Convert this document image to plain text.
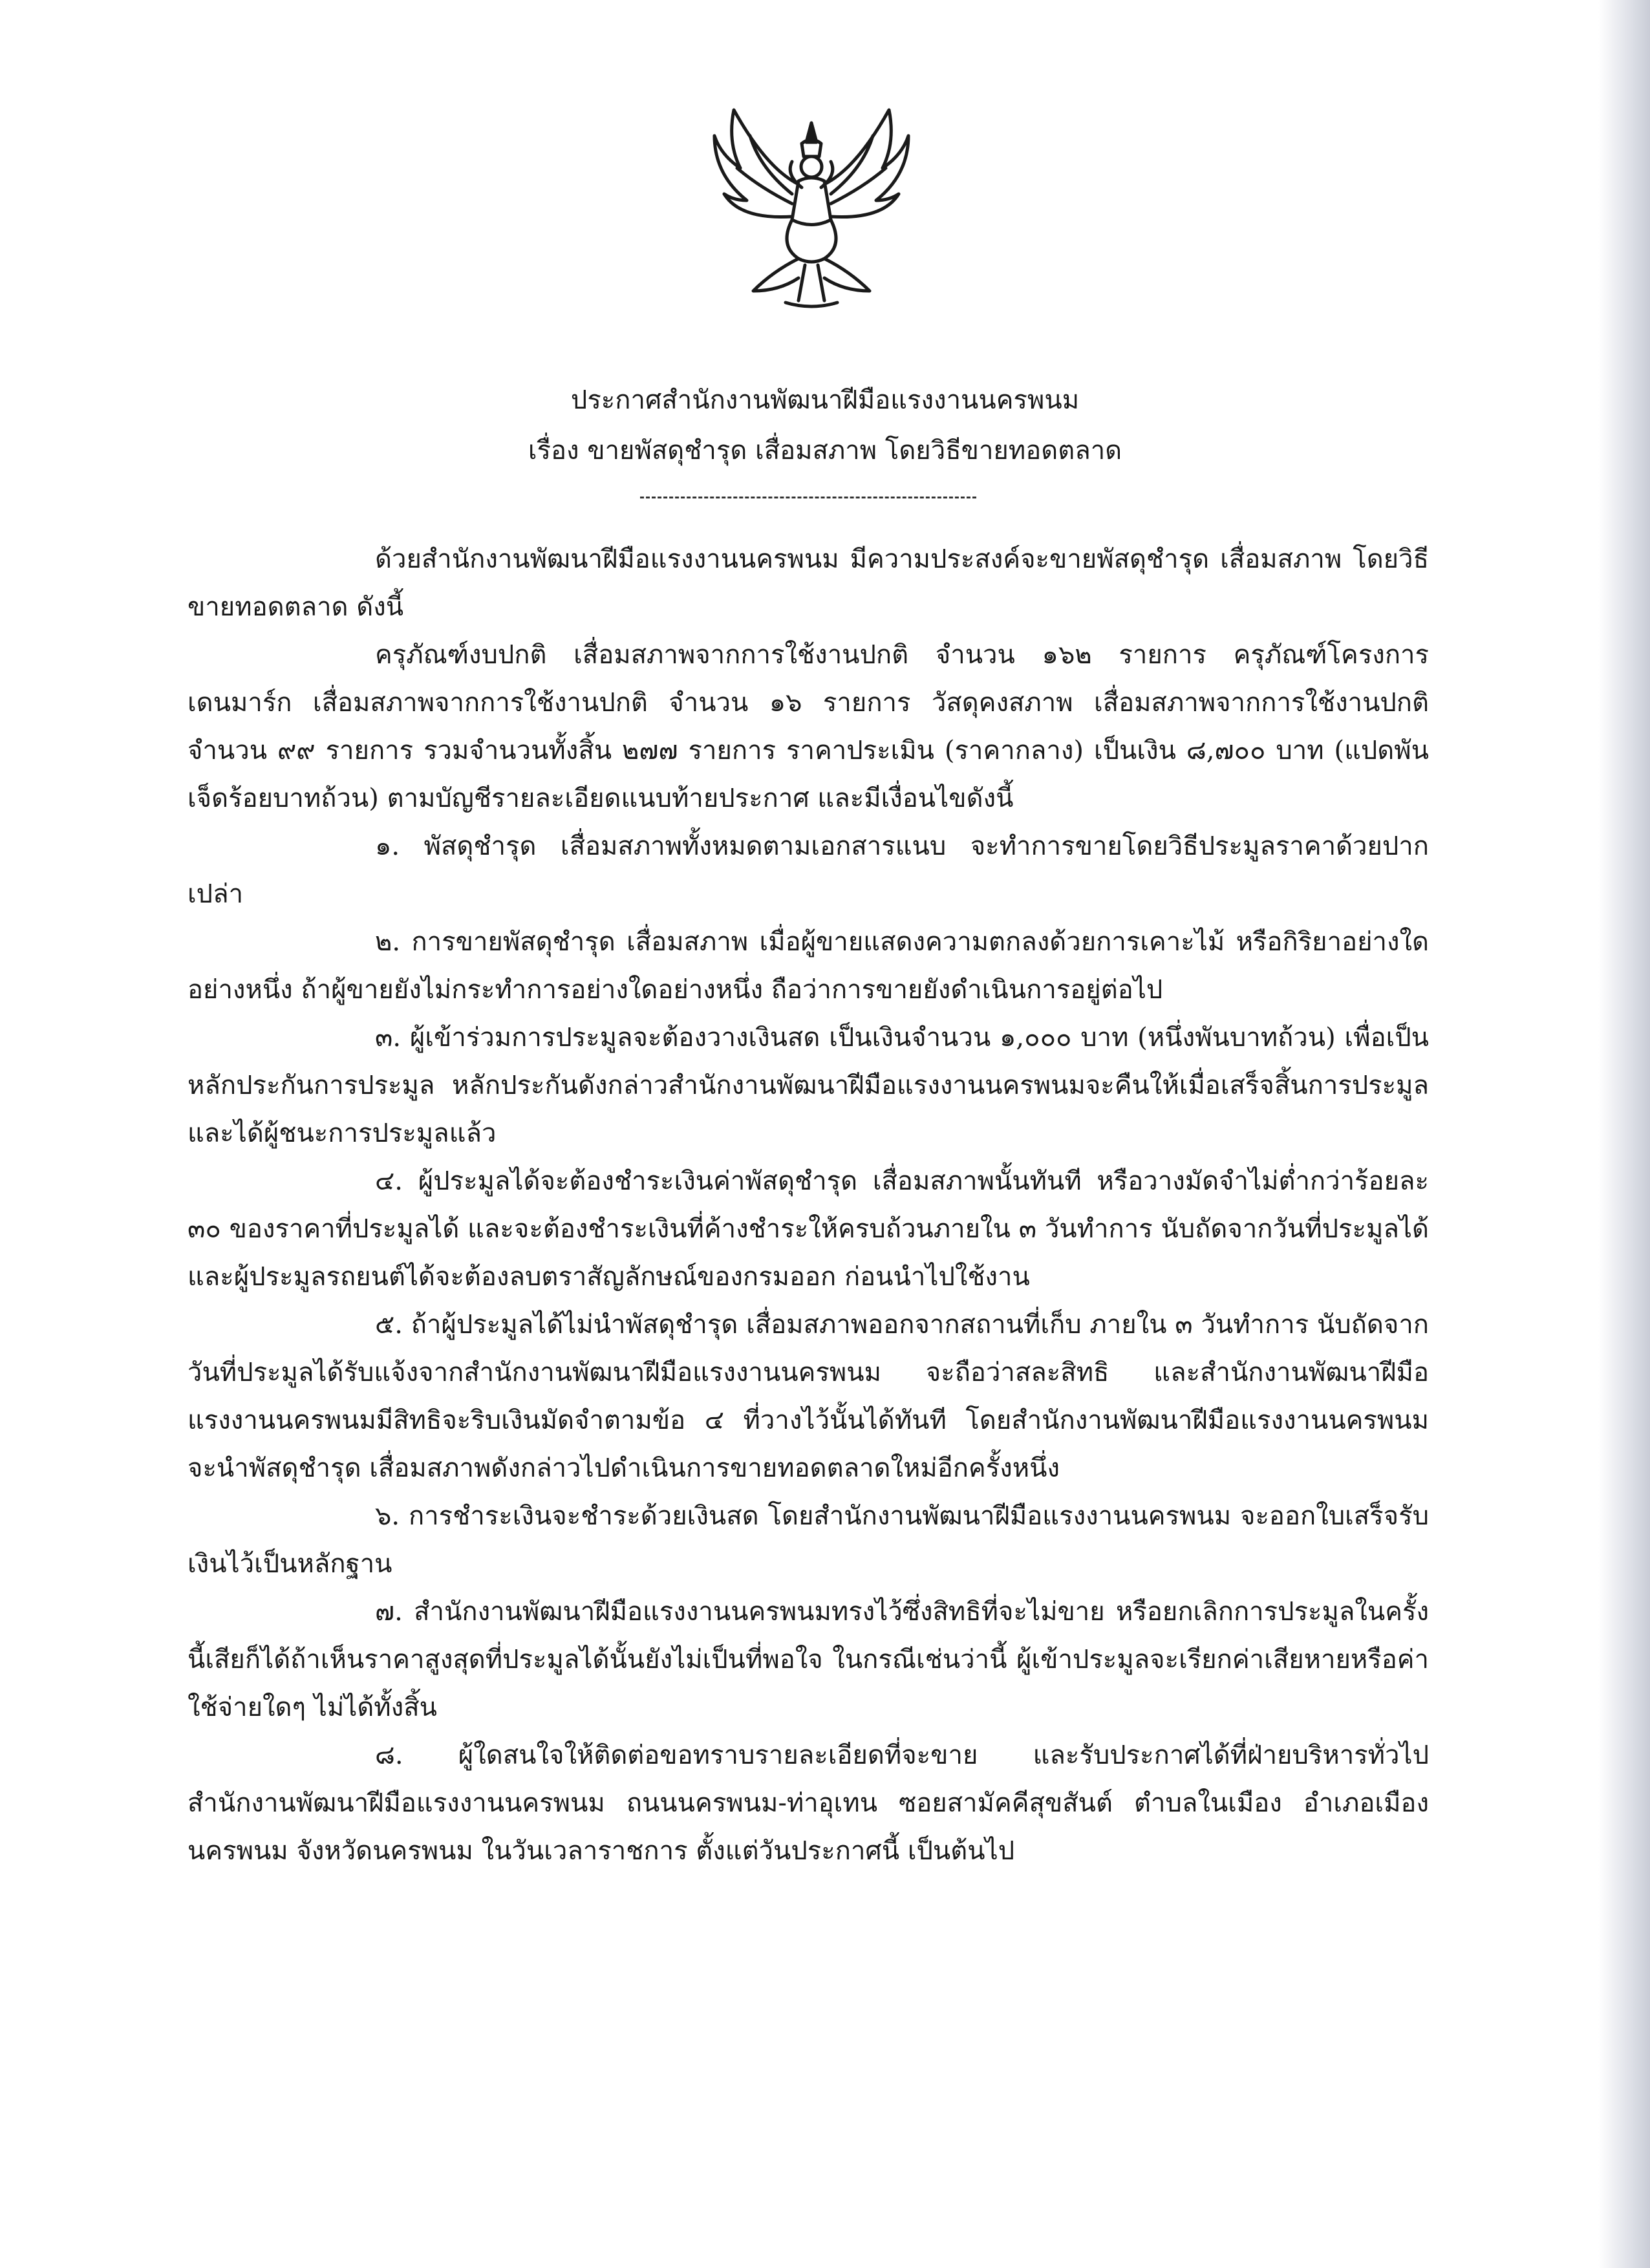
ประกาศสำนักงานพัฒนาฝีมือแรงงานนครพนม
เรื่อง ขายพัสดุชำรุด เสื่อมสภาพ โดยวิธีขายทอดตลาด

ด้วยสำนักงานพัฒนาฝีมือแรงงานนครพนม มีความประสงค์จะขายพัสดุชำรุด เสื่อมสภาพ โดยวิธีขายทอดตลาด ดังนี้

ครุภัณฑ์งบปกติ เสื่อมสภาพจากการใช้งานปกติ จำนวน ๑๖๒ รายการ ครุภัณฑ์โครงการเดนมาร์ก เสื่อมสภาพจากการใช้งานปกติ จำนวน ๑๖ รายการ วัสดุคงสภาพ เสื่อมสภาพจากการใช้งานปกติ จำนวน ๙๙ รายการ รวมจำนวนทั้งสิ้น ๒๗๗ รายการ ราคาประเมิน (ราคากลาง) เป็นเงิน ๘,๗๐๐ บาท (แปดพันเจ็ดร้อยบาทถ้วน) ตามบัญชีรายละเอียดแนบท้ายประกาศ และมีเงื่อนไขดังนี้

๑. พัสดุชำรุด เสื่อมสภาพทั้งหมดตามเอกสารแนบ จะทำการขายโดยวิธีประมูลราคาด้วยปากเปล่า

๒. การขายพัสดุชำรุด เสื่อมสภาพ เมื่อผู้ขายแสดงความตกลงด้วยการเคาะไม้ หรือกิริยาอย่างใดอย่างหนึ่ง ถ้าผู้ขายยังไม่กระทำการอย่างใดอย่างหนึ่ง ถือว่าการขายยังดำเนินการอยู่ต่อไป

๓. ผู้เข้าร่วมการประมูลจะต้องวางเงินสด เป็นเงินจำนวน ๑,๐๐๐ บาท (หนึ่งพันบาทถ้วน) เพื่อเป็นหลักประกันการประมูล หลักประกันดังกล่าวสำนักงานพัฒนาฝีมือแรงงานนครพนมจะคืนให้เมื่อเสร็จสิ้นการประมูลและได้ผู้ชนะการประมูลแล้ว

๔. ผู้ประมูลได้จะต้องชำระเงินค่าพัสดุชำรุด เสื่อมสภาพนั้นทันที หรือวางมัดจำไม่ต่ำกว่าร้อยละ ๓๐ ของราคาที่ประมูลได้ และจะต้องชำระเงินที่ค้างชำระให้ครบถ้วนภายใน ๓ วันทำการ นับถัดจากวันที่ประมูลได้ และผู้ประมูลรถยนต์ได้จะต้องลบตราสัญลักษณ์ของกรมออก ก่อนนำไปใช้งาน

๕. ถ้าผู้ประมูลได้ไม่นำพัสดุชำรุด เสื่อมสภาพออกจากสถานที่เก็บ ภายใน ๓ วันทำการ นับถัดจากวันที่ประมูลได้รับแจ้งจากสำนักงานพัฒนาฝีมือแรงงานนครพนม จะถือว่าสละสิทธิ และสำนักงานพัฒนาฝีมือแรงงานนครพนมมีสิทธิจะริบเงินมัดจำตามข้อ ๔ ที่วางไว้นั้นได้ทันที โดยสำนักงานพัฒนาฝีมือแรงงานนครพนม จะนำพัสดุชำรุด เสื่อมสภาพดังกล่าวไปดำเนินการขายทอดตลาดใหม่อีกครั้งหนึ่ง

๖. การชำระเงินจะชำระด้วยเงินสด โดยสำนักงานพัฒนาฝีมือแรงงานนครพนม จะออกใบเสร็จรับเงินไว้เป็นหลักฐาน

๗. สำนักงานพัฒนาฝีมือแรงงานนครพนมทรงไว้ซึ่งสิทธิที่จะไม่ขาย หรือยกเลิกการประมูลในครั้งนี้เสียก็ได้ถ้าเห็นราคาสูงสุดที่ประมูลได้นั้นยังไม่เป็นที่พอใจ ในกรณีเช่นว่านี้ ผู้เข้าประมูลจะเรียกค่าเสียหายหรือค่าใช้จ่ายใดๆ ไม่ได้ทั้งสิ้น

๘. ผู้ใดสนใจให้ติดต่อขอทราบรายละเอียดที่จะขาย และรับประกาศได้ที่ฝ่ายบริหารทั่วไป สำนักงานพัฒนาฝีมือแรงงานนครพนม ถนนนครพนม-ท่าอุเทน ซอยสามัคคีสุขสันต์ ตำบลในเมือง อำเภอเมือง นครพนม จังหวัดนครพนม ในวันเวลาราชการ ตั้งแต่วันประกาศนี้ เป็นต้นไป
